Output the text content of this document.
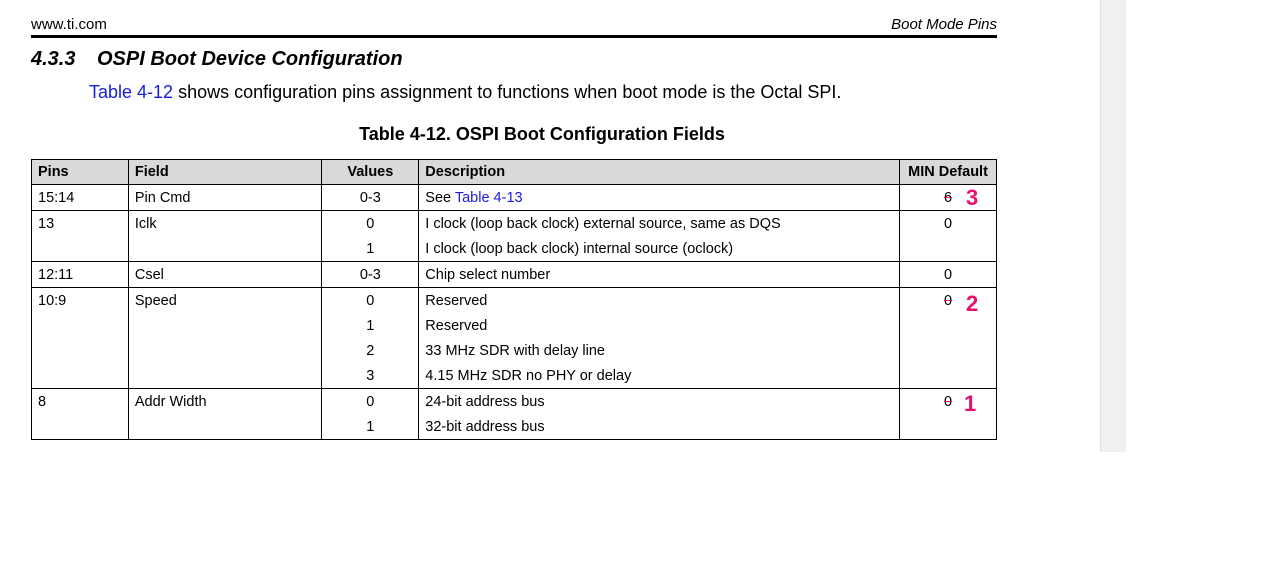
www.ti.com	Boot Mode Pins
4.3.3 OSPI Boot Device Configuration
Table 4-12 shows configuration pins assignment to functions when boot mode is the Octal SPI.
Table 4-12. OSPI Boot Configuration Fields
Pins	Field	Values	Description	MIN Default
15:14	Pin Cmd	0-3	See Table 4-13	6 3

13	Iclk	0	I clock (loop back clock) external source, same as DQS	0
		1	I clock (loop back clock) internal source (oclock)	
12:11	Csel	0-3	Chip select number	0
10:9	Speed	0	Reserved	0 2

		1	Reserved	
		2	33 MHz SDR with delay line	
		3	4.15 MHz SDR no PHY or delay	
8	Addr Width	0	24-bit address bus	0 1

		1	32-bit address bus	
